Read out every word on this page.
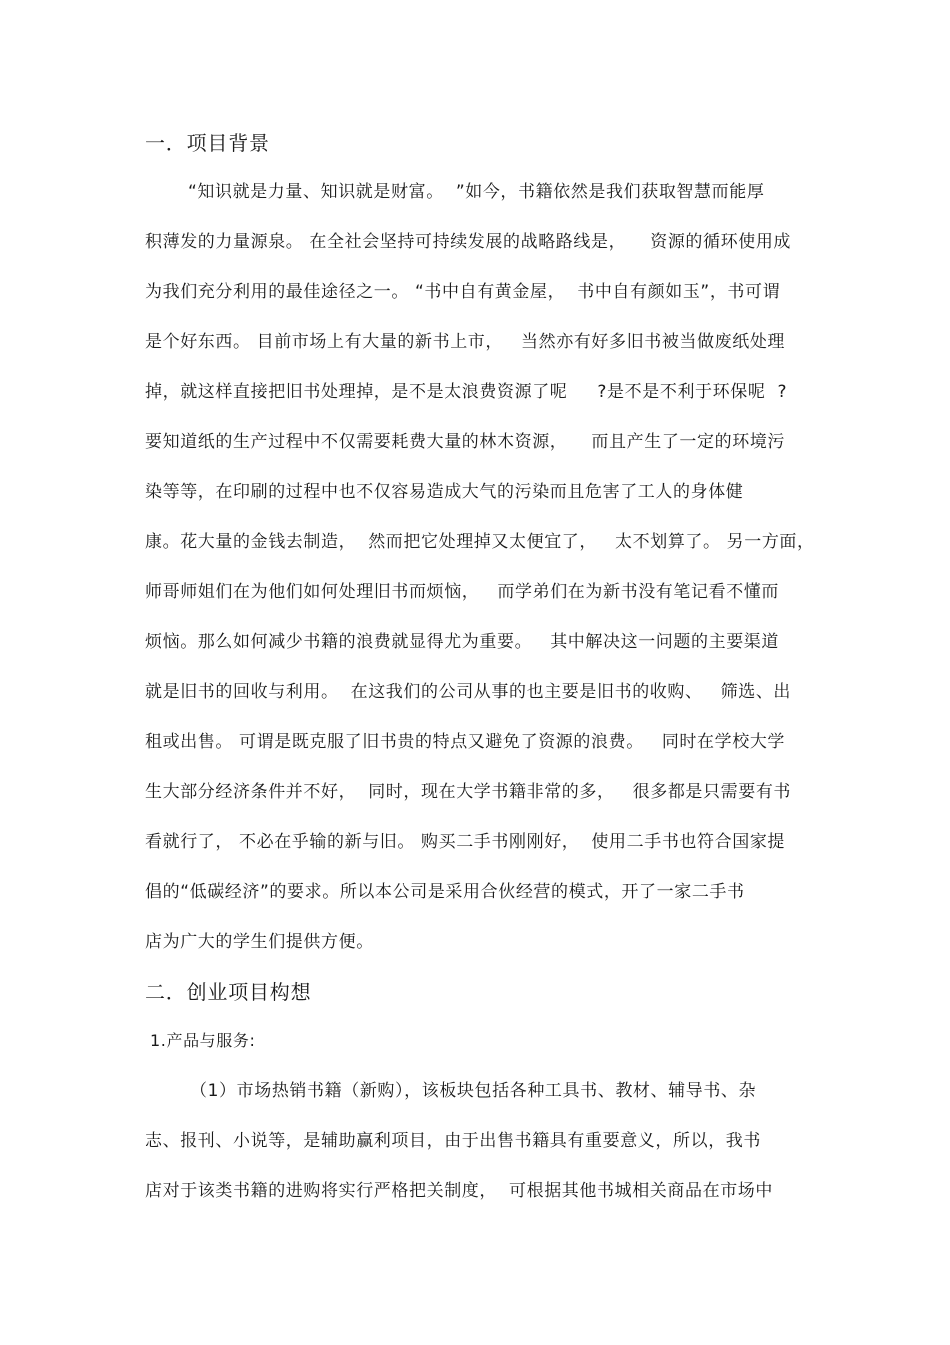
一．项目背景
“知识就是力量、知识就是财富。  ”如今，书籍依然是我们获取智慧而能厚
积薄发的力量源泉。 在全社会坚持可持续发展的战略路线是，    资源的循环使用成
为我们充分利用的最佳途径之一。 “书中自有黄金屋，  书中自有颜如玉”，书可谓
是个好东西。 目前市场上有大量的新书上市，   当然亦有好多旧书被当做废纸处理
掉，就这样直接把旧书处理掉，是不是太浪费资源了呢     ?是不是不利于环保呢  ?
要知道纸的生产过程中不仅需要耗费大量的林木资源，    而且产生了一定的环境污
染等等，在印刷的过程中也不仅容易造成大气的污染而且危害了工人的身体健
康。花大量的金钱去制造，  然而把它处理掉又太便宜了，   太不划算了。 另一方面，
师哥师姐们在为他们如何处理旧书而烦恼，   而学弟们在为新书没有笔记看不懂而
烦恼。那么如何减少书籍的浪费就显得尤为重要。   其中解决这一问题的主要渠道
就是旧书的回收与利用。  在这我们的公司从事的也主要是旧书的收购、   筛选、出
租或出售。 可谓是既克服了旧书贵的特点又避免了资源的浪费。   同时在学校大学
生大部分经济条件并不好，  同时，现在大学书籍非常的多，   很多都是只需要有书
看就行了， 不必在乎输的新与旧。 购买二手书刚刚好，  使用二手书也符合国家提
倡的“低碳经济”的要求。所以本公司是采用合伙经营的模式，开了一家二手书
店为广大的学生们提供方便。
二．创业项目构想
1.产品与服务:
（1）市场热销书籍（新购），该板块包括各种工具书、教材、辅导书、杂
志、报刊、小说等，是辅助赢利项目，由于出售书籍具有重要意义，所以，我书
店对于该类书籍的进购将实行严格把关制度，  可根据其他书城相关商品在市场中
